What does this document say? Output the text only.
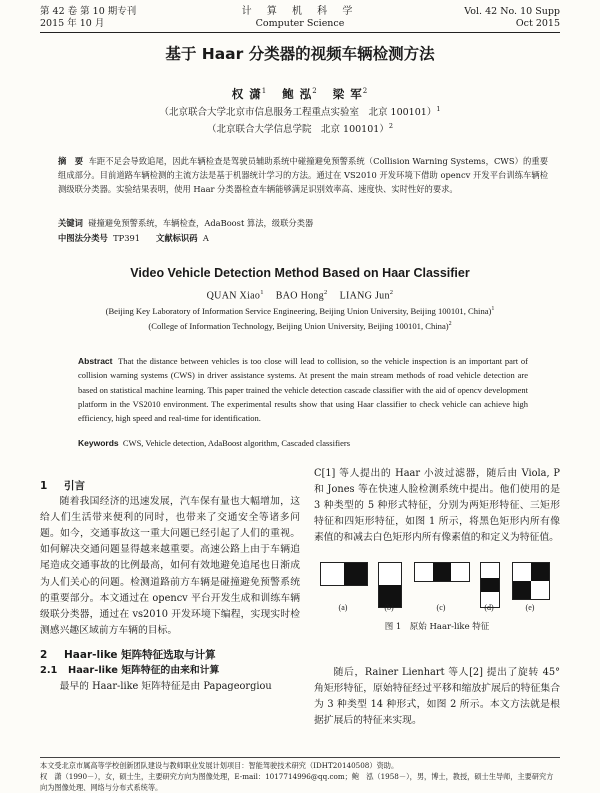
第 42 卷 第 10 期专刊
2015 年 10 月
计 算 机 科 学
Computer Science
Vol. 42 No. 10 Supp
Oct 2015
基于 Haar 分类器的视频车辆检测方法
权 潇$^1$ 鲍 泓$^2$ 梁 军$^2$
（北京联合大学北京市信息服务工程重点实验室　北京 100101）$^1$
（北京联合大学信息学院　北京 100101）$^2$
摘　要 车距不足会导致追尾，因此车辆检查是驾驶员辅助系统中碰撞避免预警系统（Collision Warning Systems，CWS）的重要组成部分。目前道路车辆检测的主流方法是基于机器统计学习的方法。通过在 VS2010 开发环境下借助 opencv 开发平台训练车辆检测级联分类器。实验结果表明，使用 Haar 分类器检查车辆能够满足识别效率高、速度快、实时性好的要求。
关键词 碰撞避免预警系统，车辆检查，AdaBoost 算法，级联分类器
中图法分类号 TP391 文献标识码 A
Video Vehicle Detection Method Based on Haar Classifier
QUAN Xiao$^1$ BAO Hong$^2$ LIANG Jun$^2$
(Beijing Key Laboratory of Information Service Engineering, Beijing Union University, Beijing 100101, China)$^1$
(College of Information Technology, Beijing Union University, Beijing 100101, China)$^2$
Abstract That the distance between vehicles is too close will lead to collision, so the vehicle inspection is an important part of collision warning systems (CWS) in driver assistance systems. At present the main stream methods of road vehicle detection are based on statistical machine learning. This paper trained the vehicle detection cascade classifier with the aid of opencv development platform in the VS2010 environment. The experimental results show that using Haar classifier to check vehicle can achieve high efficiency, high speed and real-time for identification.
Keywords CWS, Vehicle detection, AdaBoost algorithm, Cascaded classifiers

1 引言

随着我国经济的迅速发展，汽车保有量也大幅增加，这给人们生活带来便利的同时，也带来了交通安全等诸多问题。如今，交通事故这一重大问题已经引起了人们的重视。如何解决交通问题显得越来越重要。高速公路上由于车辆追尾造成交通事故的比例最高，如何有效地避免追尾也日渐成为人们关心的问题。检测道路前方车辆是碰撞避免预警系统的重要部分。本文通过在 opencv 平台开发生成和训练车辆级联分类器，通过在 vs2010 开发环境下编程，实现实时检测感兴趣区域前方车辆的目标。

2 Haar-like 矩阵特征选取与计算

2.1 Haar-like 矩阵特征的由来和计算

最早的 Haar-like 矩阵特征是由 Papageorgiou

C[1] 等人提出的 Haar 小波过滤器，随后由 Viola, P 和 Jones 等在快速人脸检测系统中提出。他们使用的是 3 种类型的 5 种形式特征，分别为两矩形特征、三矩形特征和四矩形特征，如图 1 所示，将黑色矩形内所有像素值的和减去白色矩形内所有像素值的和定义为特征值。

(a)	(b)	(c)	(d)	(e)
图 1　原始 Haar-like 特征

随后，Rainer Lienhart 等人[2] 提出了旋转 45°角矩形特征，原始特征经过平移和缩放扩展后的特征集合为 3 种类型 14 种形式，如图 2 所示。本文方法就是根据扩展后的特征来实现。

本文受北京市属高等学校创新团队建设与教师职业发展计划项目：智能驾驶技术研究（IDHT20140508）资助。
权　潇（1990－），女，硕士生，主要研究方向为图像处理，E-mail：1017714996@qq.com；鲍　泓（1958－），男，博士，教授，硕士生导师，主要研究方向为图像处理、网络与分布式系统等。
